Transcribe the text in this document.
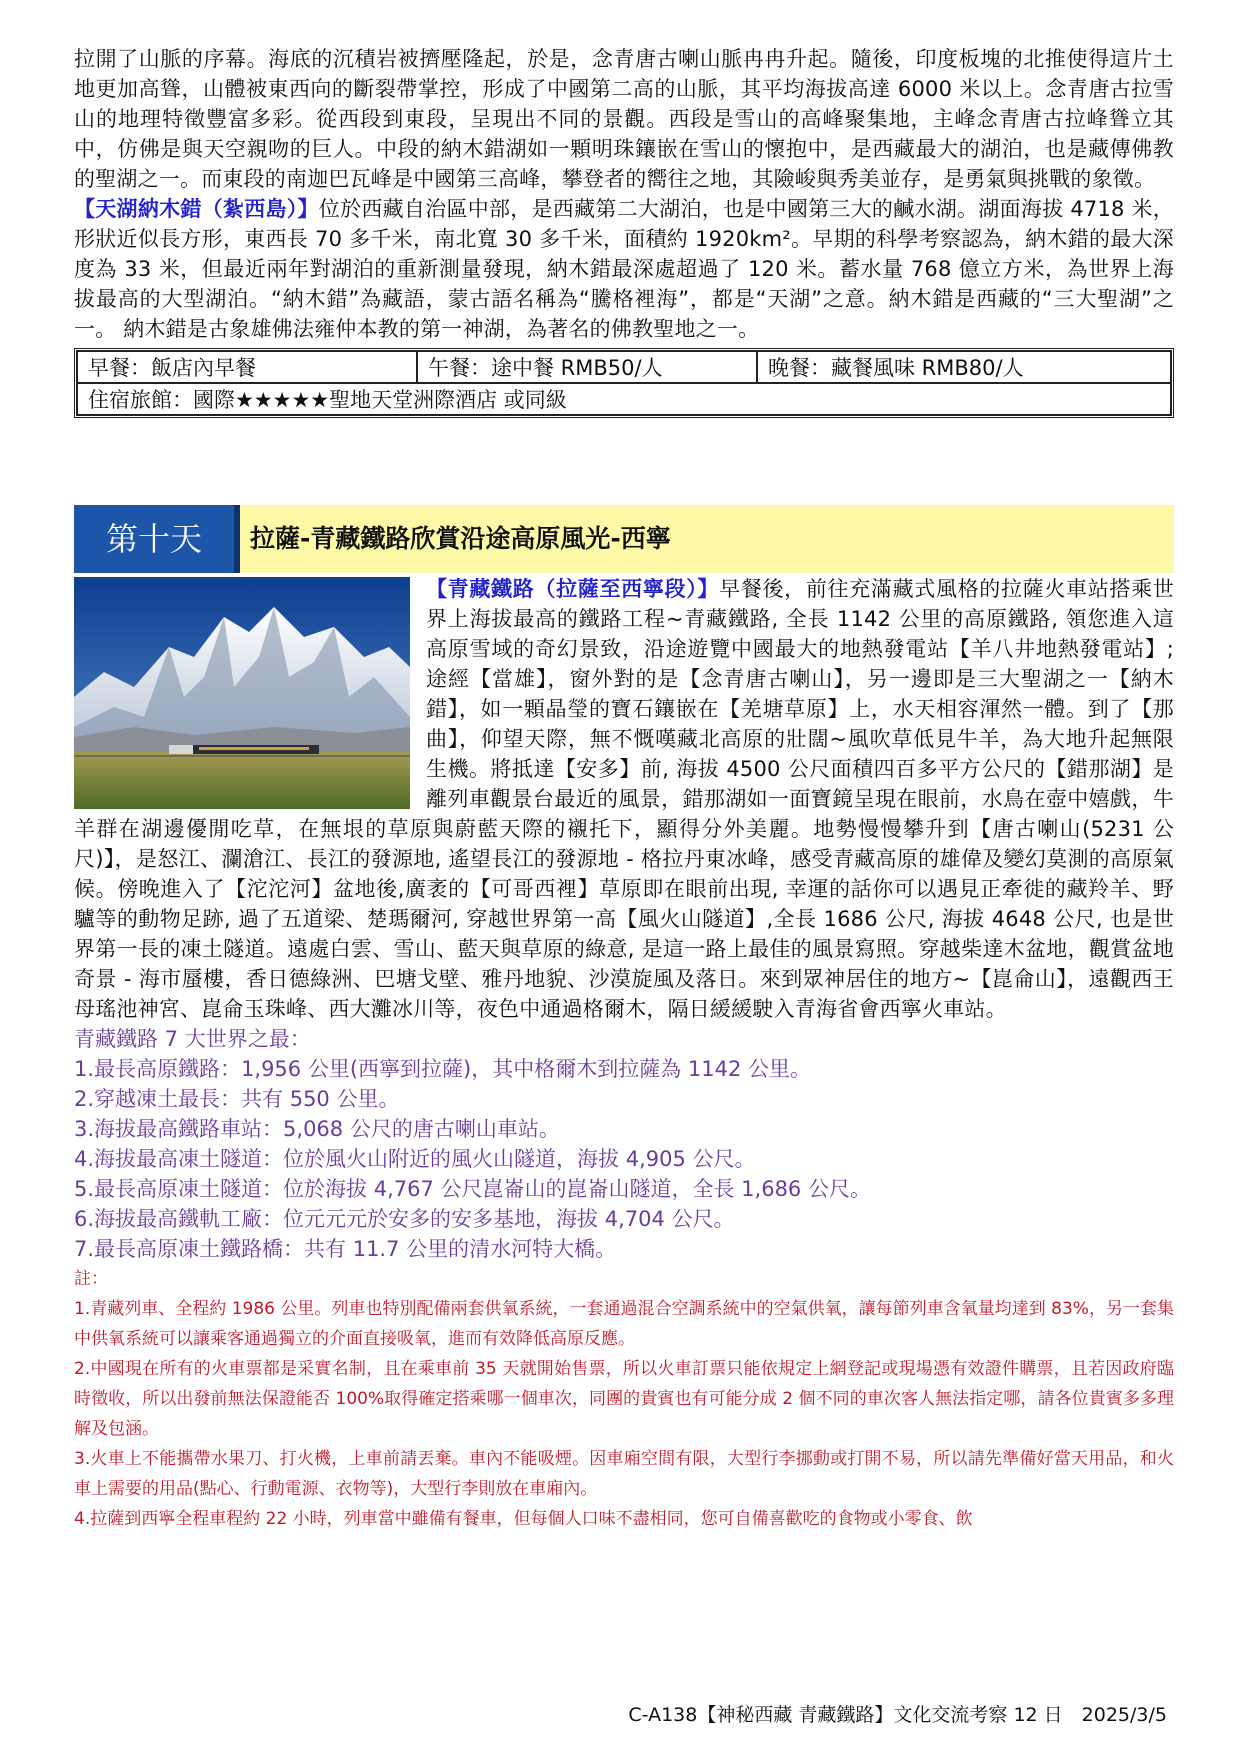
拉開了山脈的序幕。海底的沉積岩被擠壓隆起，於是，念青唐古喇山脈冉冉升起。隨後，印度板塊的北推使得這片土地更加高聳，山體被東西向的斷裂帶掌控，形成了中國第二高的山脈，其平均海拔高達 6000 米以上。念青唐古拉雪山的地理特徵豐富多彩。從西段到東段，呈現出不同的景觀。西段是雪山的高峰聚集地，主峰念青唐古拉峰聳立其中，仿佛是與天空親吻的巨人。中段的納木錯湖如一顆明珠鑲嵌在雪山的懷抱中，是西藏最大的湖泊，也是藏傳佛教的聖湖之一。而東段的南迦巴瓦峰是中國第三高峰，攀登者的嚮往之地，其險峻與秀美並存，是勇氣與挑戰的象徵。

【天湖納木錯（紮西島）】位於西藏自治區中部，是西藏第二大湖泊，也是中國第三大的鹹水湖。湖面海拔 4718 米，形狀近似長方形，東西長 70 多千米，南北寬 30 多千米，面積約 1920km²。早期的科學考察認為，納木錯的最大深度為 33 米，但最近兩年對湖泊的重新測量發現，納木錯最深處超過了 120 米。蓄水量 768 億立方米，為世界上海拔最高的大型湖泊。“納木錯”為藏語，蒙古語名稱為“騰格裡海”，都是“天湖”之意。納木錯是西藏的“三大聖湖”之一。 納木錯是古象雄佛法雍仲本教的第一神湖，為著名的佛教聖地之一。

早餐：飯店內早餐	午餐：途中餐 RMB50/人	晚餐：藏餐風味 RMB80/人
住宿旅館：國際★★★★★聖地天堂洲際酒店 或同級
第十天	拉薩-青藏鐵路欣賞沿途高原風光-西寧

【青藏鐵路（拉薩至西寧段）】早餐後，前往充滿藏式風格的拉薩火車站搭乘世界上海拔最高的鐵路工程~青藏鐵路, 全長 1142 公里的高原鐵路, 領您進入這高原雪域的奇幻景致，沿途遊覽中國最大的地熱發電站【羊八井地熱發電站】; 途經【當雄】，窗外對的是【念青唐古喇山】，另一邊即是三大聖湖之一【納木錯】，如一顆晶瑩的寶石鑲嵌在【羌塘草原】上，水天相容渾然一體。到了【那曲】，仰望天際，無不慨嘆藏北高原的壯闊~風吹草低見牛羊，為大地升起無限生機。將抵達【安多】前, 海拔 4500 公尺面積四百多平方公尺的【錯那湖】是離列車觀景台最近的風景，錯那湖如一面寶鏡呈現在眼前，水鳥在壺中嬉戲，牛羊群在湖邊優閒吃草，在無垠的草原與蔚藍天際的襯托下，顯得分外美麗。地勢慢慢攀升到【唐古喇山(5231 公尺)】，是怒江、瀾滄江、長江的發源地, 遙望長江的發源地 - 格拉丹東冰峰，感受青藏高原的雄偉及變幻莫測的高原氣候。傍晚進入了【沱沱河】盆地後,廣袤的【可哥西裡】草原即在眼前出現, 幸運的話你可以遇見正牽徙的藏羚羊、野驢等的動物足跡, 過了五道梁、楚瑪爾河, 穿越世界第一高【風火山隧道】,全長 1686 公尺, 海拔 4648 公尺, 也是世界第一長的凍土隧道。遠處白雲、雪山、藍天與草原的綠意, 是這一路上最佳的風景寫照。穿越柴達木盆地，觀賞盆地奇景 - 海市蜃樓，香日德綠洲、巴塘戈壁、雅丹地貌、沙漠旋風及落日。來到眾神居住的地方~【崑侖山】，遠觀西王母瑤池神宮、崑侖玉珠峰、西大灘冰川等，夜色中通過格爾木，隔日緩緩駛入青海省會西寧火車站。

青藏鐵路 7 大世界之最：

1.最長高原鐵路：1,956 公里(西寧到拉薩)，其中格爾木到拉薩為 1142 公里。

2.穿越凍土最長：共有 550 公里。

3.海拔最高鐵路車站：5,068 公尺的唐古喇山車站。

4.海拔最高凍土隧道：位於風火山附近的風火山隧道，海拔 4,905 公尺。

5.最長高原凍土隧道：位於海拔 4,767 公尺崑崙山的崑崙山隧道，全長 1,686 公尺。

6.海拔最高鐵軌工廠：位元元元於安多的安多基地，海拔 4,704 公尺。

7.最長高原凍土鐵路橋：共有 11.7 公里的清水河特大橋。

註：

1.青藏列車、全程約 1986 公里。列車也特別配備兩套供氧系統，一套通過混合空調系統中的空氣供氧，讓每節列車含氧量均達到 83%，另一套集中供氧系統可以讓乘客通過獨立的介面直接吸氧，進而有效降低高原反應。

2.中國現在所有的火車票都是采實名制，且在乘車前 35 天就開始售票，所以火車訂票只能依規定上網登記或現場憑有效證件購票，且若因政府臨時徵收，所以出發前無法保證能否 100%取得確定搭乘哪一個車次，同團的貴賓也有可能分成 2 個不同的車次客人無法指定哪，請各位貴賓多多理解及包涵。

3.火車上不能攜帶水果刀、打火機，上車前請丟棄。車內不能吸煙。因車廂空間有限，大型行李挪動或打開不易，所以請先準備好當天用品，和火車上需要的用品(點心、行動電源、衣物等)，大型行李則放在車廂內。

4.拉薩到西寧全程車程約 22 小時，列車當中雖備有餐車，但每個人口味不盡相同，您可自備喜歡吃的食物或小零食、飲

C-A138【神秘西藏 青藏鐵路】文化交流考察 12 日　2025/3/5
